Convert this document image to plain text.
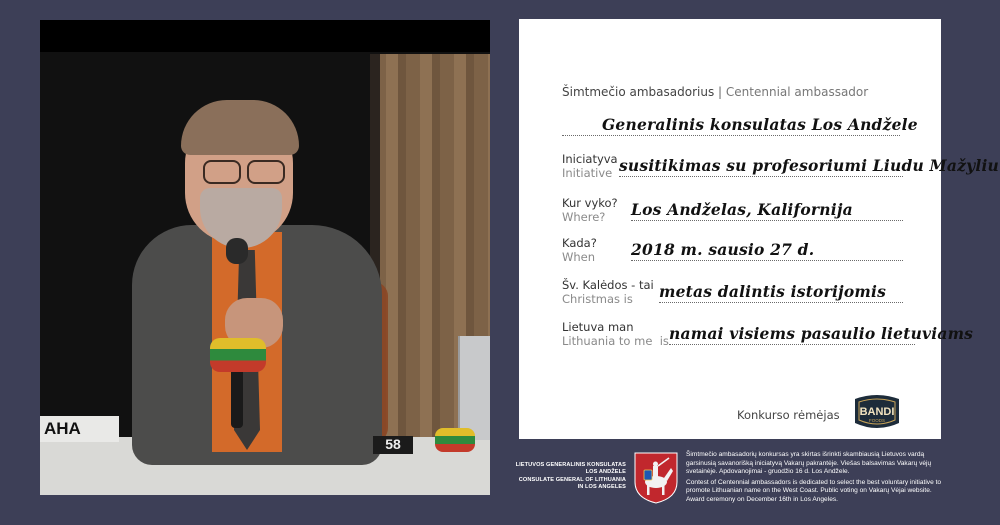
AHA
58
Šimtmečio ambasadorius | Centennial ambassador
Generalinis konsulatas Los Andželе
Iniciatyva
Initiative susitikimas su profesoriumi Liudu Mažyliu
Kur vyko?
Where?	Los Andželas, Kalifornija
Kada?
When 2018 m. sausio 27 d.
Šv. Kalėdos - tai
Christmas is	metas dalintis istorijomis
Lietuva man
Lithuania to me is namai visiems pasaulio lietuviams
Konkurso rėmėjas BANDI
FOODS
LIETUVOS GENERALINIS KONSULATAS
LOS ANDŽELE
CONSULATE GENERAL OF LITHUANIA
IN LOS ANGELES

Šimtmečio ambasadorių konkursas yra skirtas išrinkti skambiausią Lietuvos vardą garsinusią savanorišką iniciatyvą Vakarų pakrantėje. Viešas balsavimas Vakarų vėjų svetainėje. Apdovanojimai - gruodžio 16 d. Los Andžele.

Contest of Centennial ambassadors is dedicated to select the best voluntary initiative to promote Lithuanian name on the West Coast. Public voting on Vakarų Vėjai website. Award ceremony on December 16th in Los Angeles.
